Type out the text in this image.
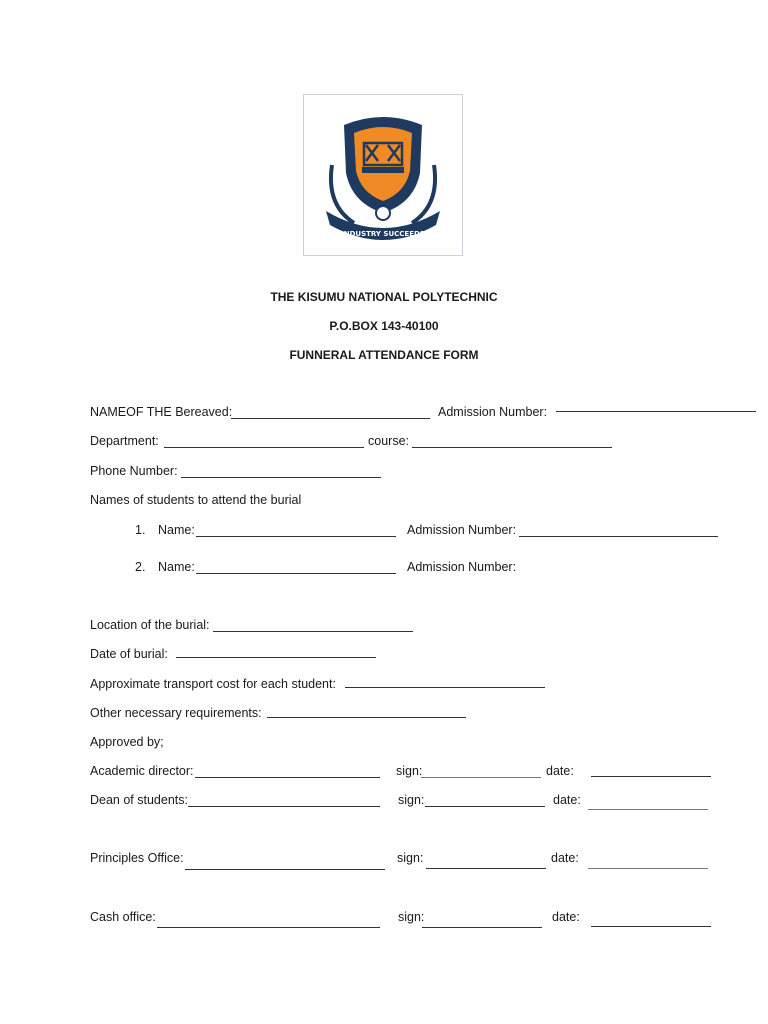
INDUSTRY SUCCEEDS
THE KISUMU NATIONAL POLYTECHNIC
P.O.BOX 143-40100
FUNNERAL ATTENDANCE FORM
NAMEOF THE Bereaved:	Admission Number:
Department:	course:
Phone Number:
Names of students to attend the burial
1. Name:	Admission Number:
2. Name:	Admission Number:
Location of the burial:
Date of burial:
Approximate transport cost for each student:
Other necessary requirements:
Approved by;
Academic director:	sign:	date:
Dean of students:	sign:	date:
Principles Office:	sign:	date:
Cash office:	sign:	date:
